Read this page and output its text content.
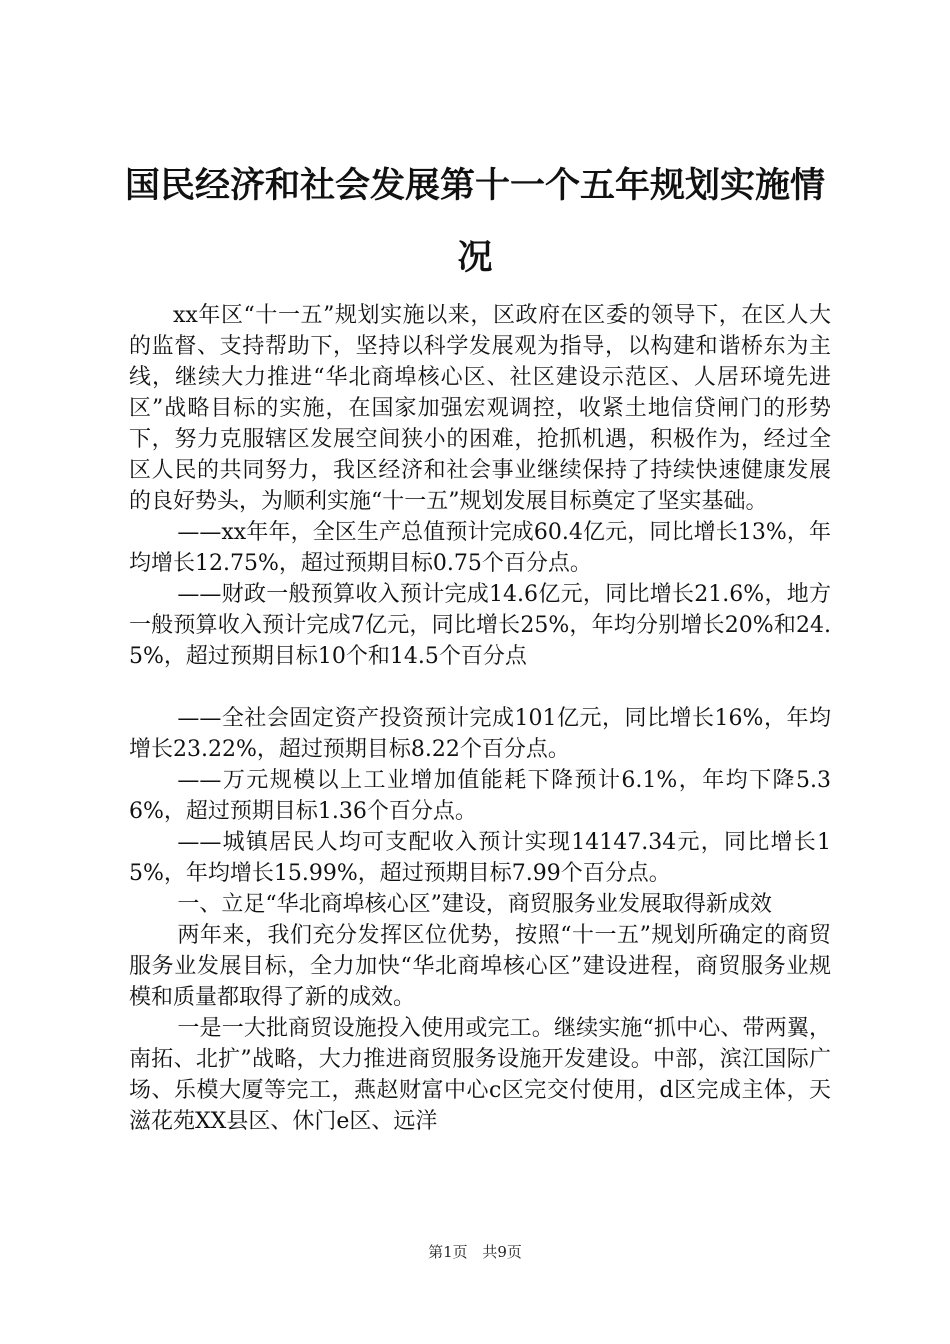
国民经济和社会发展第十一个五年规划实施情况

xx年区“十一五”规划实施以来，区政府在区委的领导下，在区人大的监督、支持帮助下，坚持以科学发展观为指导，以构建和谐桥东为主线，继续大力推进“华北商埠核心区、社区建设示范区、人居环境先进区”战略目标的实施，在国家加强宏观调控，收紧土地信贷闸门的形势下，努力克服辖区发展空间狭小的困难，抢抓机遇，积极作为，经过全区人民的共同努力，我区经济和社会事业继续保持了持续快速健康发展的良好势头，为顺利实施“十一五”规划发展目标奠定了坚实基础。

——xx年年，全区生产总值预计完成60.4亿元，同比增长13%，年均增长12.75%，超过预期目标0.75个百分点。

——财政一般预算收入预计完成14.6亿元，同比增长21.6%，地方一般预算收入预计完成7亿元，同比增长25%，年均分别增长20%和24.5%，超过预期目标10个和14.5个百分点

——全社会固定资产投资预计完成101亿元，同比增长16%，年均增长23.22%，超过预期目标8.22个百分点。

——万元规模以上工业增加值能耗下降预计6.1%，年均下降5.36%，超过预期目标1.36个百分点。

——城镇居民人均可支配收入预计实现14147.34元，同比增长15%，年均增长15.99%，超过预期目标7.99个百分点。

一、立足“华北商埠核心区”建设，商贸服务业发展取得新成效

两年来，我们充分发挥区位优势，按照“十一五”规划所确定的商贸服务业发展目标，全力加快“华北商埠核心区”建设进程，商贸服务业规模和质量都取得了新的成效。

一是一大批商贸设施投入使用或完工。继续实施“抓中心、带两翼，南拓、北扩”战略，大力推进商贸服务设施开发建设。中部，滨江国际广场、乐模大厦等完工，燕赵财富中心c区完交付使用，d区完成主体，天滋花苑XX县区、休门e区、远洋

第1页 共9页
